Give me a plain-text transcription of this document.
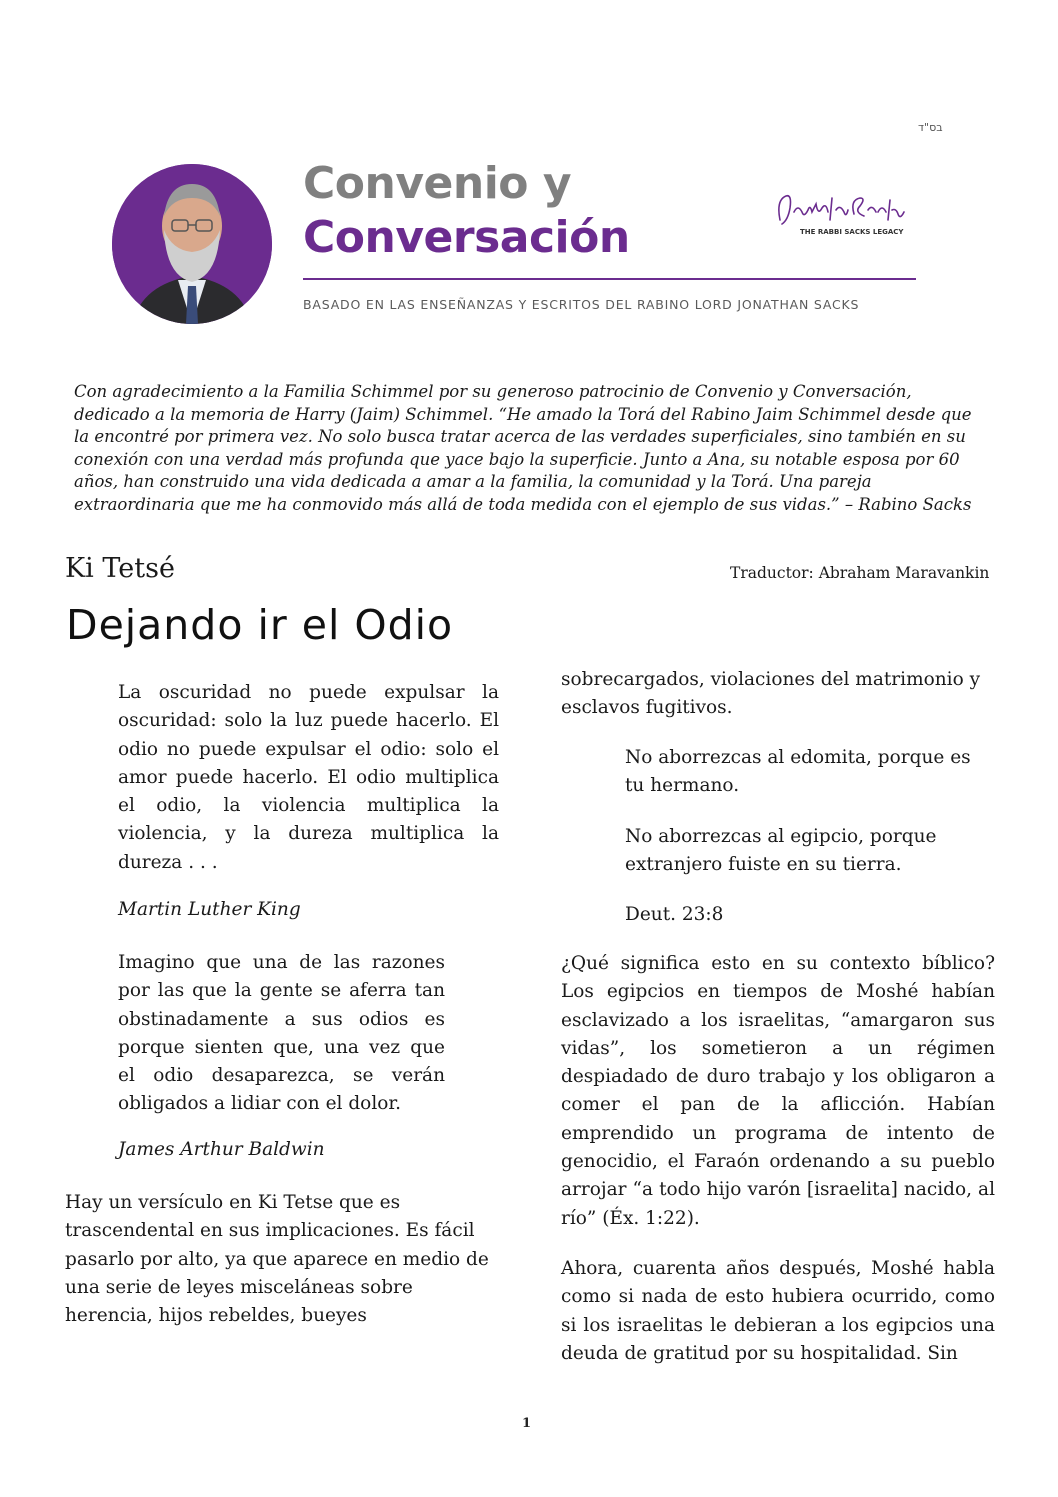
בס"ד
Convenio y
Conversación	THE RABBI SACKS LEGACY
BASADO EN LAS ENSEÑANZAS Y ESCRITOS DEL RABINO LORD JONATHAN SACKS
Con agradecimiento a la Familia Schimmel por su generoso patrocinio de Convenio y Conversación, dedicado a la memoria de Harry (Jaim) Schimmel. “He amado la Torá del Rabino Jaim Schimmel desde que la encontré por primera vez. No solo busca tratar acerca de las verdades superficiales, sino también en su conexión con una verdad más profunda que yace bajo la superficie. Junto a Ana, su notable esposa por 60 años, han construido una vida dedicada a amar a la familia, la comunidad y la Torá. Una pareja extraordinaria que me ha conmovido más allá de toda medida con el ejemplo de sus vidas.” – Rabino Sacks
Ki Tetsé	Traductor: Abraham Maravankin
Dejando ir el Odio

La oscuridad no puede expulsar la oscuridad: solo la luz puede hacerlo. El odio no puede expulsar el odio: solo el amor puede hacerlo. El odio multiplica el odio, la violencia multiplica la violencia, y la dureza multiplica la dureza . . .

Martin Luther King

Imagino que una de las razones por las que la gente se aferra tan obstinadamente a sus odios es porque sienten que, una vez que el odio desaparezca, se verán obligados a lidiar con el dolor.

James Arthur Baldwin

Hay un versículo en Ki Tetse que es trascendental en sus implicaciones. Es fácil pasarlo por alto, ya que aparece en medio de una serie de leyes misceláneas sobre herencia, hijos rebeldes, bueyes

sobrecargados, violaciones del matrimonio y esclavos fugitivos.

No aborrezcas al edomita, porque es tu hermano.

No aborrezcas al egipcio, porque extranjero fuiste en su tierra.

Deut. 23:8

¿Qué significa esto en su contexto bíblico? Los egipcios en tiempos de Moshé habían esclavizado a los israelitas, “amargaron sus vidas”, los sometieron a un régimen despiadado de duro trabajo y los obligaron a comer el pan de la aflicción. Habían emprendido un programa de intento de genocidio, el Faraón ordenando a su pueblo arrojar “a todo hijo varón [israelita] nacido, al río” (Éx. 1:22).

Ahora, cuarenta años después, Moshé habla como si nada de esto hubiera ocurrido, como si los israelitas le debieran a los egipcios una deuda de gratitud por su hospitalidad. Sin

1
